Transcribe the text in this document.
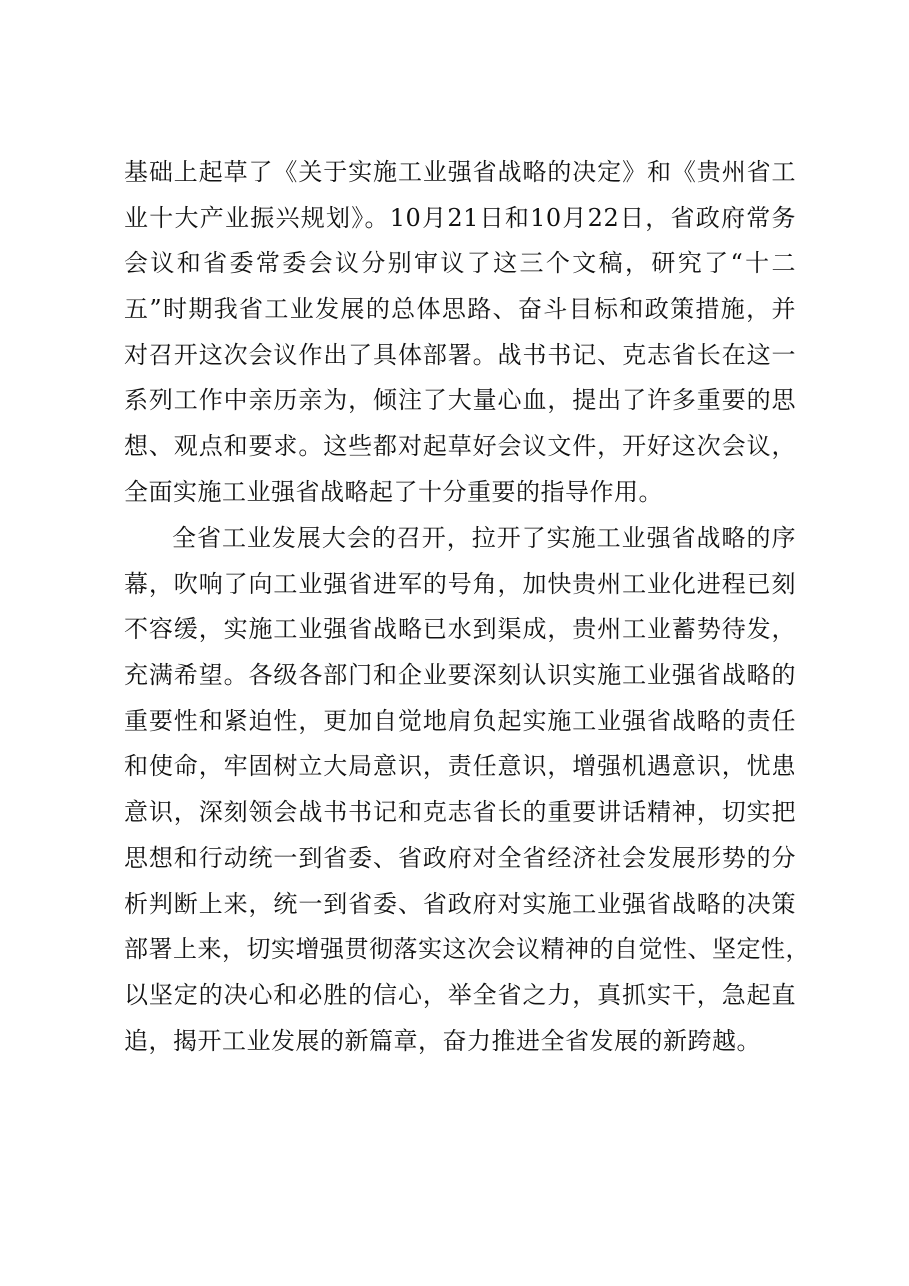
基础上起草了《关于实施工业强省战略的决定》和《贵州省工
业十大产业振兴规划》。10月21日和10月22日，省政府常务
会议和省委常委会议分别审议了这三个文稿，研究了“十二
五”时期我省工业发展的总体思路、奋斗目标和政策措施，并
对召开这次会议作出了具体部署。战书书记、克志省长在这一
系列工作中亲历亲为，倾注了大量心血，提出了许多重要的思
想、观点和要求。这些都对起草好会议文件，开好这次会议，
全面实施工业强省战略起了十分重要的指导作用。
全省工业发展大会的召开，拉开了实施工业强省战略的序
幕，吹响了向工业强省进军的号角，加快贵州工业化进程已刻
不容缓，实施工业强省战略已水到渠成，贵州工业蓄势待发，
充满希望。各级各部门和企业要深刻认识实施工业强省战略的
重要性和紧迫性，更加自觉地肩负起实施工业强省战略的责任
和使命，牢固树立大局意识，责任意识，增强机遇意识，忧患
意识，深刻领会战书书记和克志省长的重要讲话精神，切实把
思想和行动统一到省委、省政府对全省经济社会发展形势的分
析判断上来，统一到省委、省政府对实施工业强省战略的决策
部署上来，切实增强贯彻落实这次会议精神的自觉性、坚定性，
以坚定的决心和必胜的信心，举全省之力，真抓实干，急起直
追，揭开工业发展的新篇章，奋力推进全省发展的新跨越。
